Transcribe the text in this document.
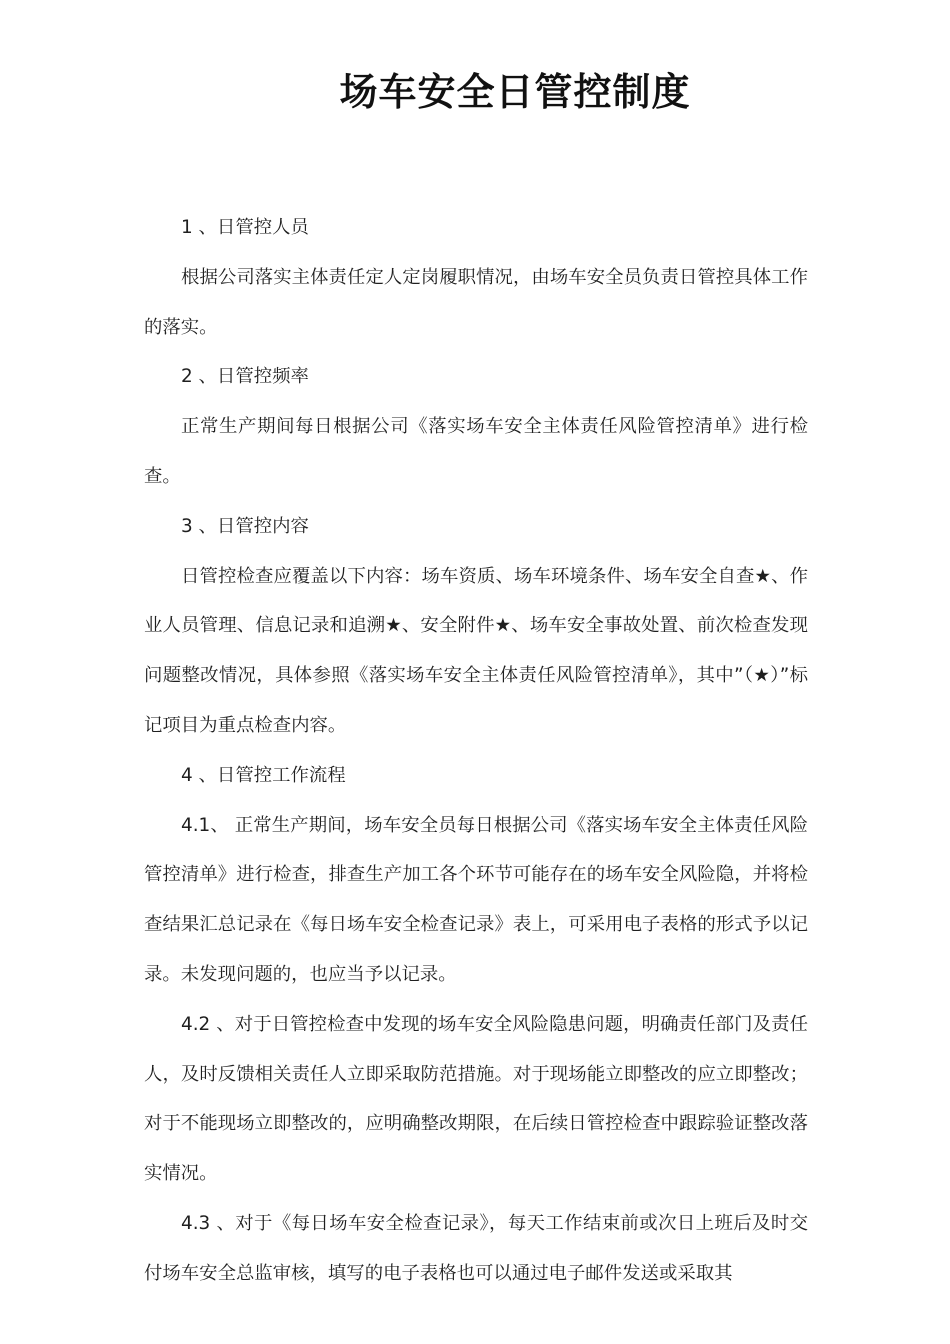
场车安全日管控制度

1 、日管控人员

根据公司落实主体责任定人定岗履职情况，由场车安全员负责日管控具体工作的落实。

2 、日管控频率

正常生产期间每日根据公司《落实场车安全主体责任风险管控清单》进行检查。

3 、日管控内容

日管控检查应覆盖以下内容：场车资质、场车环境条件、场车安全自查★、作业人员管理、信息记录和追溯★、安全附件★、场车安全事故处置、前次检查发现问题整改情况，具体参照《落实场车安全主体责任风险管控清单》，其中”（★）”标记项目为重点检查内容。

4 、日管控工作流程

4.1、 正常生产期间，场车安全员每日根据公司《落实场车安全主体责任风险管控清单》进行检查，排查生产加工各个环节可能存在的场车安全风险隐，并将检查结果汇总记录在《每日场车安全检查记录》表上，可采用电子表格的形式予以记录。未发现问题的，也应当予以记录。

4.2 、对于日管控检查中发现的场车安全风险隐患问题，明确责任部门及责任人，及时反馈相关责任人立即采取防范措施。对于现场能立即整改的应立即整改；对于不能现场立即整改的，应明确整改期限，在后续日管控检查中跟踪验证整改落实情况。

4.3 、对于《每日场车安全检查记录》，每天工作结束前或次日上班后及时交付场车安全总监审核，填写的电子表格也可以通过电子邮件发送或采取其
